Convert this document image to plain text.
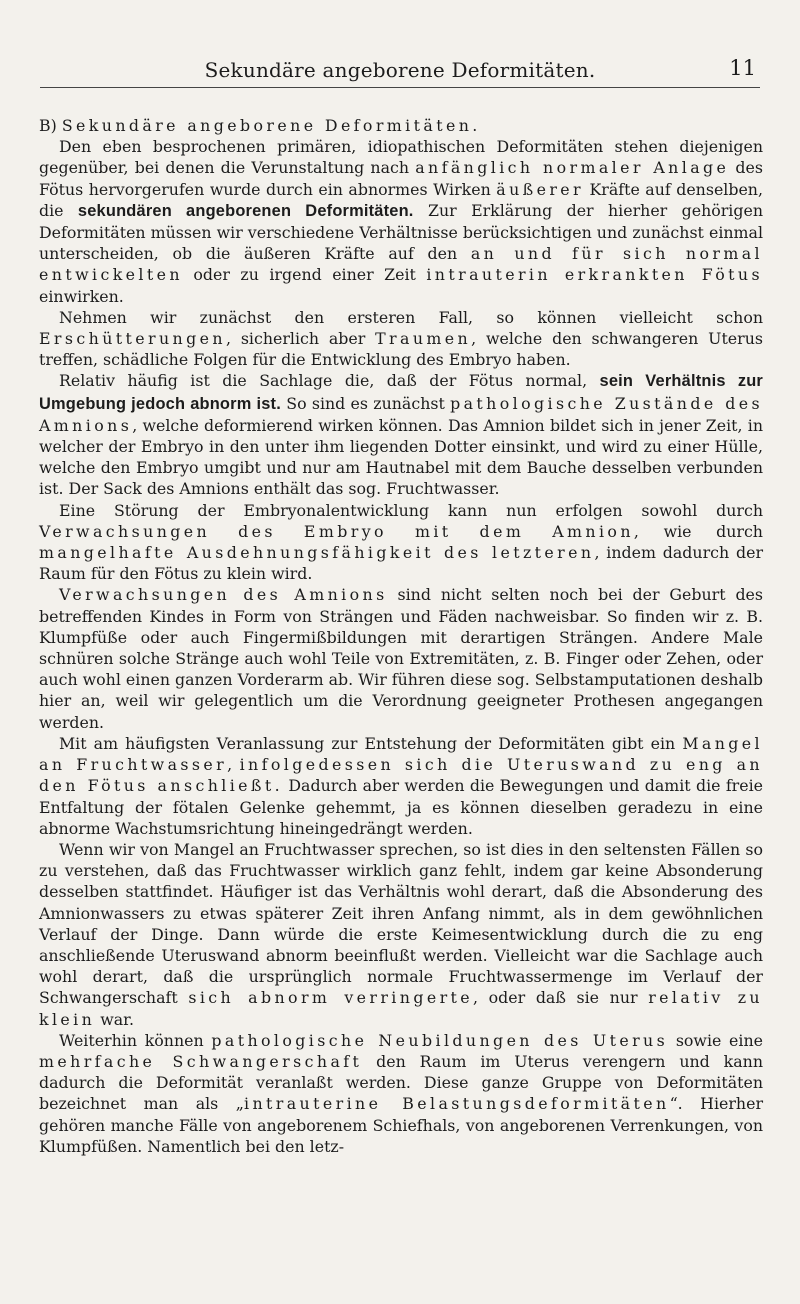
Sekundäre angeborene Deformitäten.	11

B) Sekundäre angeborene Deformitäten.

Den eben besprochenen primären, idiopathischen Deformitäten stehen diejenigen gegenüber, bei denen die Verunstaltung nach anfänglich normaler Anlage des Fötus hervorgerufen wurde durch ein abnormes Wirken äußerer Kräfte auf denselben, die sekundären angeborenen Deformitäten. Zur Erklärung der hierher gehörigen Deformitäten müssen wir verschiedene Verhältnisse berücksichtigen und zunächst einmal unterscheiden, ob die äußeren Kräfte auf den an und für sich normal entwickelten oder zu irgend einer Zeit intrauterin erkrankten Fötus einwirken.

Nehmen wir zunächst den ersteren Fall, so können vielleicht schon Erschütterungen, sicherlich aber Traumen, welche den schwangeren Uterus treffen, schädliche Folgen für die Entwicklung des Embryo haben.

Relativ häufig ist die Sachlage die, daß der Fötus normal, sein Verhältnis zur Umgebung jedoch abnorm ist. So sind es zunächst pathologische Zustände des Amnions, welche deformierend wirken können. Das Amnion bildet sich in jener Zeit, in welcher der Embryo in den unter ihm liegenden Dotter einsinkt, und wird zu einer Hülle, welche den Embryo umgibt und nur am Hautnabel mit dem Bauche desselben verbunden ist. Der Sack des Amnions enthält das sog. Fruchtwasser.

Eine Störung der Embryonalentwicklung kann nun erfolgen sowohl durch Verwachsungen des Embryo mit dem Amnion, wie durch mangelhafte Ausdehnungsfähigkeit des letzteren, indem dadurch der Raum für den Fötus zu klein wird.

Verwachsungen des Amnions sind nicht selten noch bei der Geburt des betreffenden Kindes in Form von Strängen und Fäden nachweisbar. So finden wir z. B. Klumpfüße oder auch Fingermißbildungen mit derartigen Strängen. Andere Male schnüren solche Stränge auch wohl Teile von Extremitäten, z. B. Finger oder Zehen, oder auch wohl einen ganzen Vorderarm ab. Wir führen diese sog. Selbstamputationen deshalb hier an, weil wir gelegentlich um die Verordnung geeigneter Prothesen angegangen werden.

Mit am häufigsten Veranlassung zur Entstehung der Deformitäten gibt ein Mangel an Fruchtwasser, infolgedessen sich die Uteruswand zu eng an den Fötus anschließt. Dadurch aber werden die Bewegungen und damit die freie Entfaltung der fötalen Gelenke gehemmt, ja es können dieselben geradezu in eine abnorme Wachstumsrichtung hineingedrängt werden.

Wenn wir von Mangel an Fruchtwasser sprechen, so ist dies in den seltensten Fällen so zu verstehen, daß das Fruchtwasser wirklich ganz fehlt, indem gar keine Absonderung desselben stattfindet. Häufiger ist das Verhältnis wohl derart, daß die Absonderung des Amnionwassers zu etwas späterer Zeit ihren Anfang nimmt, als in dem gewöhnlichen Verlauf der Dinge. Dann würde die erste Keimesentwicklung durch die zu eng anschließende Uteruswand abnorm beeinflußt werden. Vielleicht war die Sachlage auch wohl derart, daß die ursprünglich normale Fruchtwassermenge im Verlauf der Schwangerschaft sich abnorm verringerte, oder daß sie nur relativ zu klein war.

Weiterhin können pathologische Neubildungen des Uterus sowie eine mehrfache Schwangerschaft den Raum im Uterus verengern und kann dadurch die Deformität veranlaßt werden. Diese ganze Gruppe von Deformitäten bezeichnet man als „intrauterine Belastungsdeformitäten“. Hierher gehören manche Fälle von angeborenem Schiefhals, von angeborenen Verrenkungen, von Klumpfüßen. Namentlich bei den letz-
